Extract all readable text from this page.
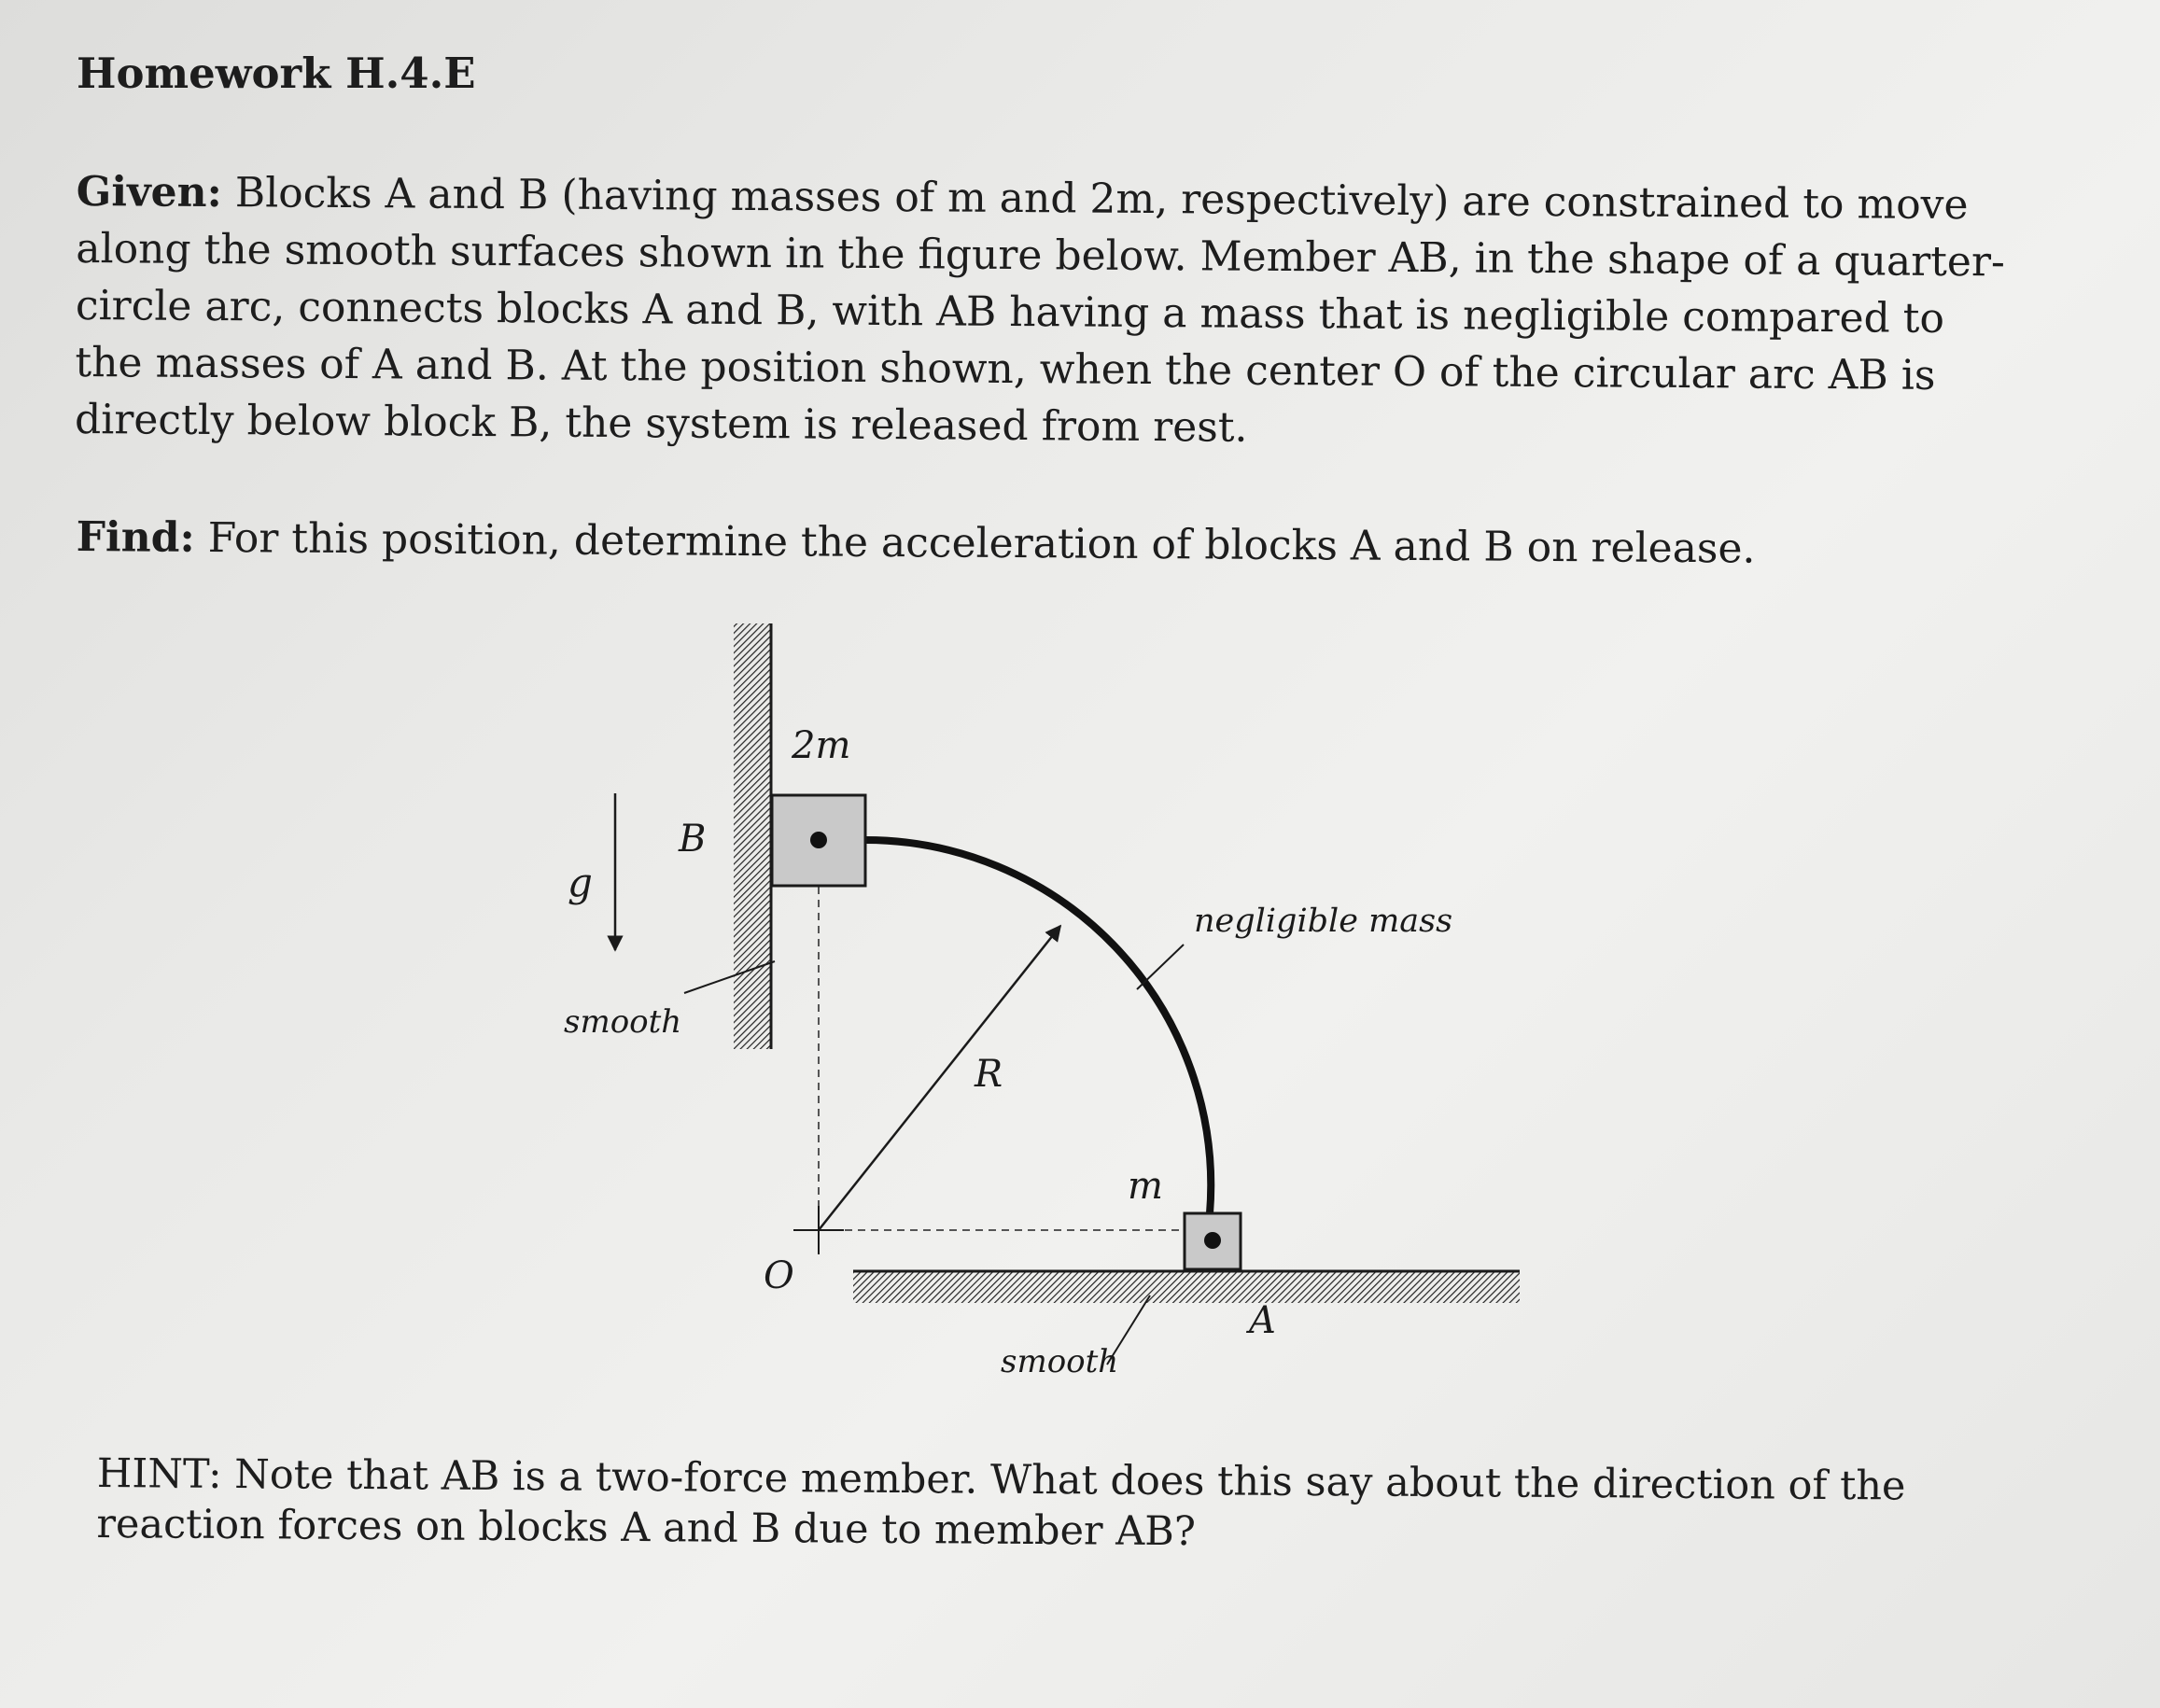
Homework H.4.E

Given: Blocks A and B (having masses of m and 2m, respectively) are constrained to move along the smooth surfaces shown in the figure below. Member AB, in the shape of a quarter-circle arc, connects blocks A and B, with AB having a mass that is negligible compared to the masses of A and B. At the position shown, when the center O of the circular arc AB is directly below block B, the system is released from rest.

Find: For this position, determine the acceleration of blocks A and B on release.

2m
B
g
smooth
negligible mass
R
m
O
smooth
A

HINT: Note that AB is a two-force member. What does this say about the direction of the reaction forces on blocks A and B due to member AB?
